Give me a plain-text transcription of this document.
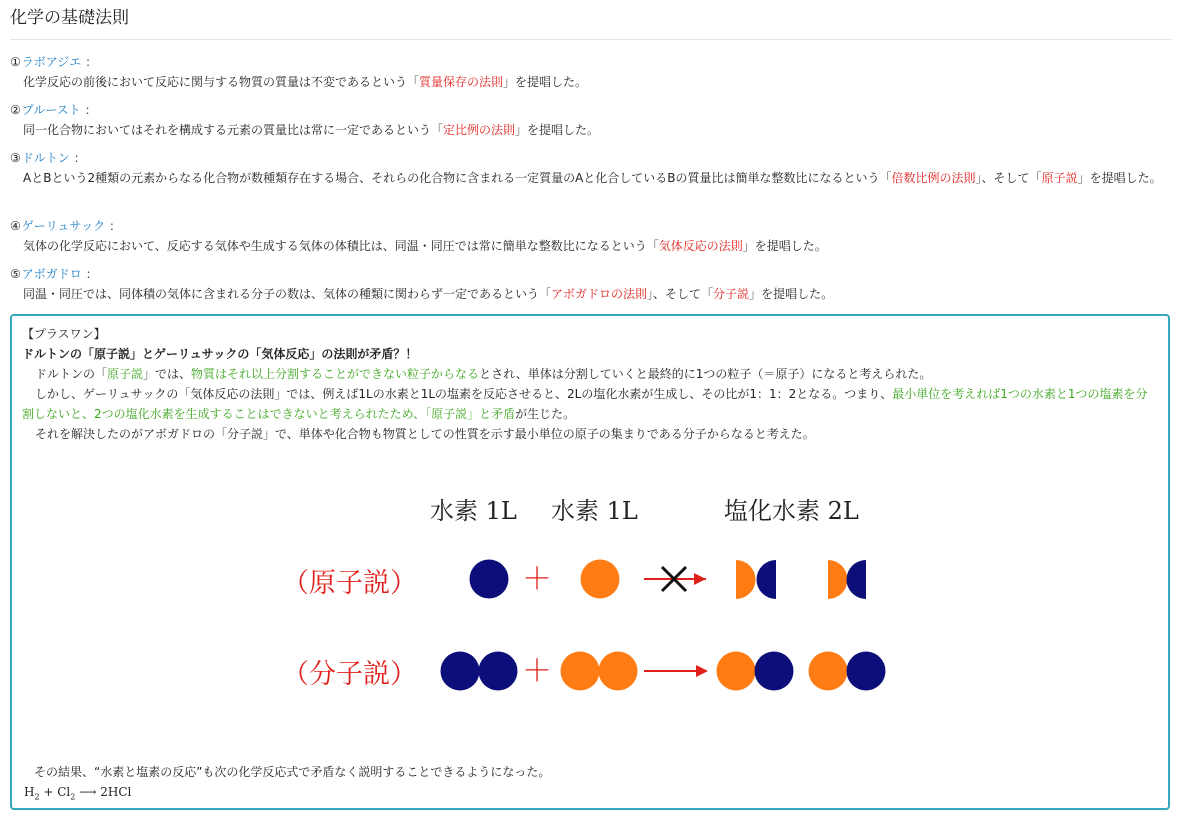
化学の基礎法則
①ラボアジエ ：
化学反応の前後において反応に関与する物質の質量は不変であるという「質量保存の法則」を提唱した。
②プルースト ：
同一化合物においてはそれを構成する元素の質量比は常に一定であるという「定比例の法則」を提唱した。
③ドルトン ：
AとBという2種類の元素からなる化合物が数種類存在する場合、それらの化合物に含まれる一定質量のAと化合しているBの質量比は簡単な整数比になるという「倍数比例の法則」、そして「原子説」を提唱した。
④ゲーリュサック ：
気体の化学反応において、反応する気体や生成する気体の体積比は、同温・同圧では常に簡単な整数比になるという「気体反応の法則」を提唱した。
⑤アボガドロ ：
同温・同圧では、同体積の気体に含まれる分子の数は、気体の種類に関わらず一定であるという「アボガドロの法則」、そして「分子説」を提唱した。
【プラスワン】
ドルトンの「原子説」とゲーリュサックの「気体反応」の法則が矛盾？！
ドルトンの「原子説」では、物質はそれ以上分割することができない粒子からなるとされ、単体は分割していくと最終的に1つの粒子（＝原子）になると考えられた。
しかし、ゲーリュサックの「気体反応の法則」では、例えば1Lの水素と1Lの塩素を反応させると、2Lの塩化水素が生成し、その比が1：1：2となる。つまり、最小単位を考えれば1つの水素と1つの塩素を分割しないと、2つの塩化水素を生成することはできないと考えられたため、「原子説」と矛盾が生じた。
それを解決したのがアボガドロの「分子説」で、単体や化合物も物質としての性質を示す最小単位の原子の集まりである分子からなると考えた。
水素 1L 水素 1L	塩化水素 2L
（原子説）	＋
（分子説）	＋
その結果、“水素と塩素の反応”も次の化学反応式で矛盾なく説明することできるようになった。
$H_2 + Cl_2$ ⟶ 2HCl
